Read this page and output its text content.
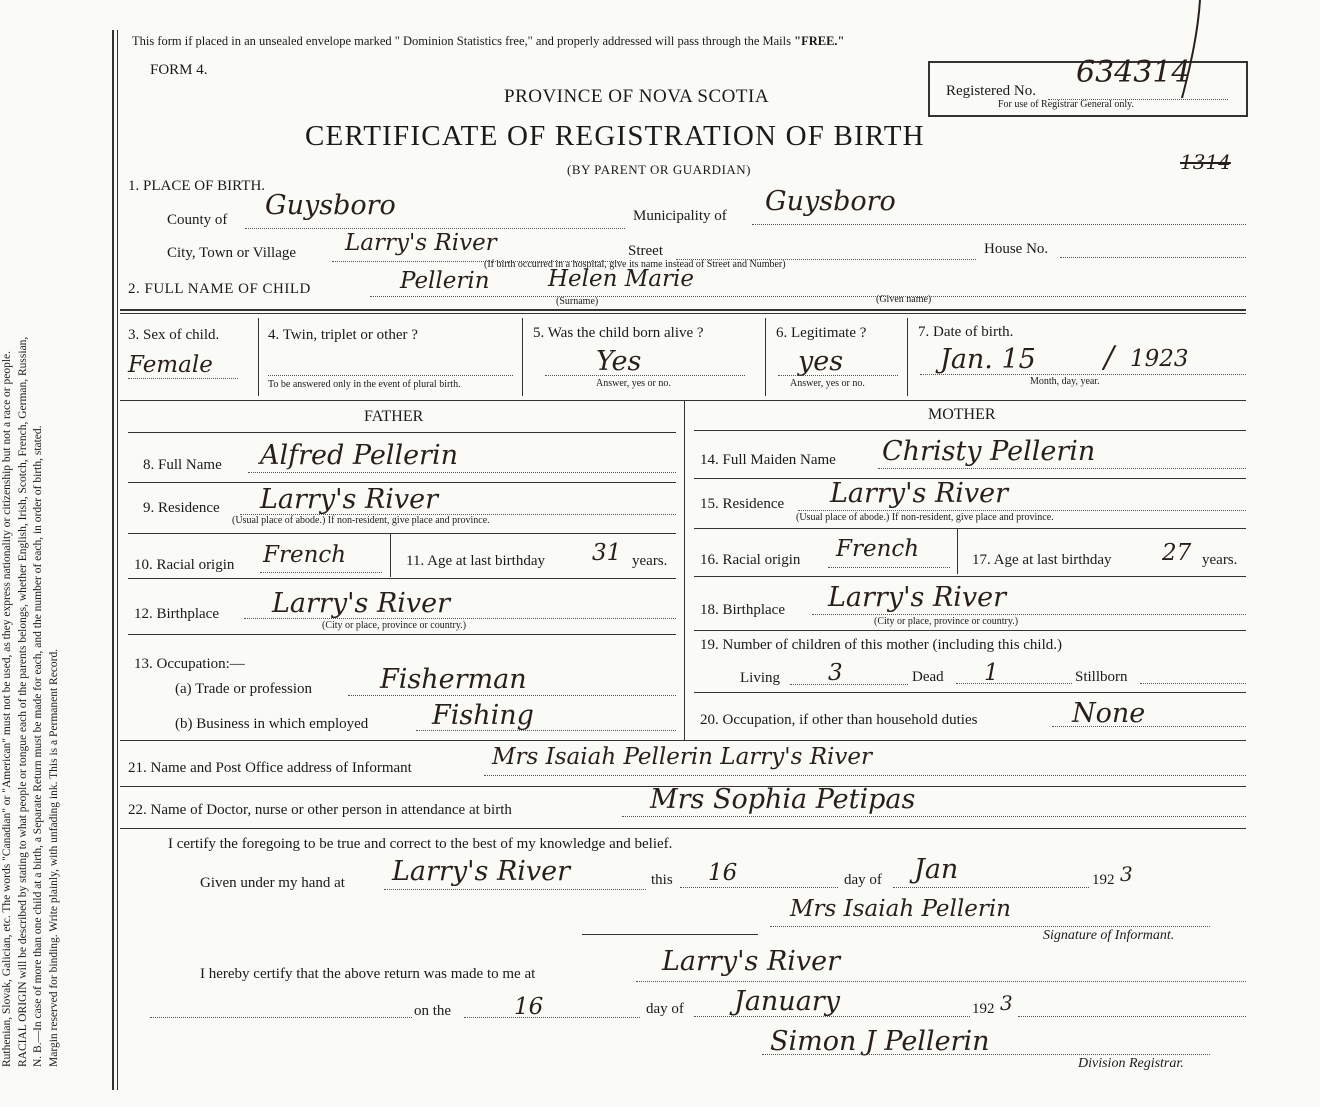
Ruthenian, Slovak, Galician, etc. The words "Canadian" or "American" must not be used, as they express nationality or citizenship but not a race or people. RACIAL ORIGIN will be described by stating to what people or tongue each of the parents belongs, whether English, Irish, Scotch, French, German, Russian, N. B.—In case of more than one child at a birth, a Separate Return must be made for each, and the number of each, in order of birth, stated. Margin reserved for binding. Write plainly, with unfading ink. This is a Permanent Record.
This form if placed in an unsealed envelope marked " Dominion Statistics free," and properly addressed will pass through the Mails "FREE."
FORM 4.
PROVINCE OF NOVA SCOTIA
CERTIFICATE OF REGISTRATION OF BIRTH
(BY PARENT OR GUARDIAN)
Registered No.
634314
For use of Registrar General only.
1314
1. PLACE OF BIRTH.
County of Guysboro	Municipality of Guysboro
City, Town or Village Larry's River	Street	House No.
(If birth occurred in a hospital, give its name instead of Street and Number)
2. FULL NAME OF CHILD	Pellerin	Helen Marie
(Surname)	(Given name)
3. Sex of child.
Female
4. Twin, triplet or other ?
To be answered only in the event of plural birth.
5. Was the child born alive ?
Yes
Answer, yes or no.
6. Legitimate ?
yes
Answer, yes or no.
7. Date of birth.
Jan. 15	1923
/
Month, day, year.
FATHER	MOTHER
8. Full Name Alfred Pellerin
9. Residence Larry's River
(Usual place of abode.) If non-resident, give place and province.
10. Racial origin French	11. Age at last birthday 31 years.
12. Birthplace Larry's River
(City or place, province or country.)
13. Occupation:—
(a) Trade or profession	Fisherman
(b) Business in which employed Fishing
14. Full Maiden Name Christy Pellerin
15. Residence Larry's River
(Usual place of abode.) If non-resident, give place and province.
16. Racial origin French	17. Age at last birthday 27 years.
18. Birthplace Larry's River
(City or place, province or country.)
19. Number of children of this mother (including this child.)
Living 3	Dead 1	Stillborn
20. Occupation, if other than household duties	None
21. Name and Post Office address of Informant	Mrs Isaiah Pellerin Larry's River
22. Name of Doctor, nurse or other person in attendance at birth	Mrs Sophia Petipas
I certify the foregoing to be true and correct to the best of my knowledge and belief.
Given under my hand at Larry's River	this 16	day of Jan	192 3
Mrs Isaiah Pellerin
Signature of Informant.
I hereby certify that the above return was made to me at	Larry's River
on the	16	day of January	192 3
Simon J Pellerin
Division Registrar.
